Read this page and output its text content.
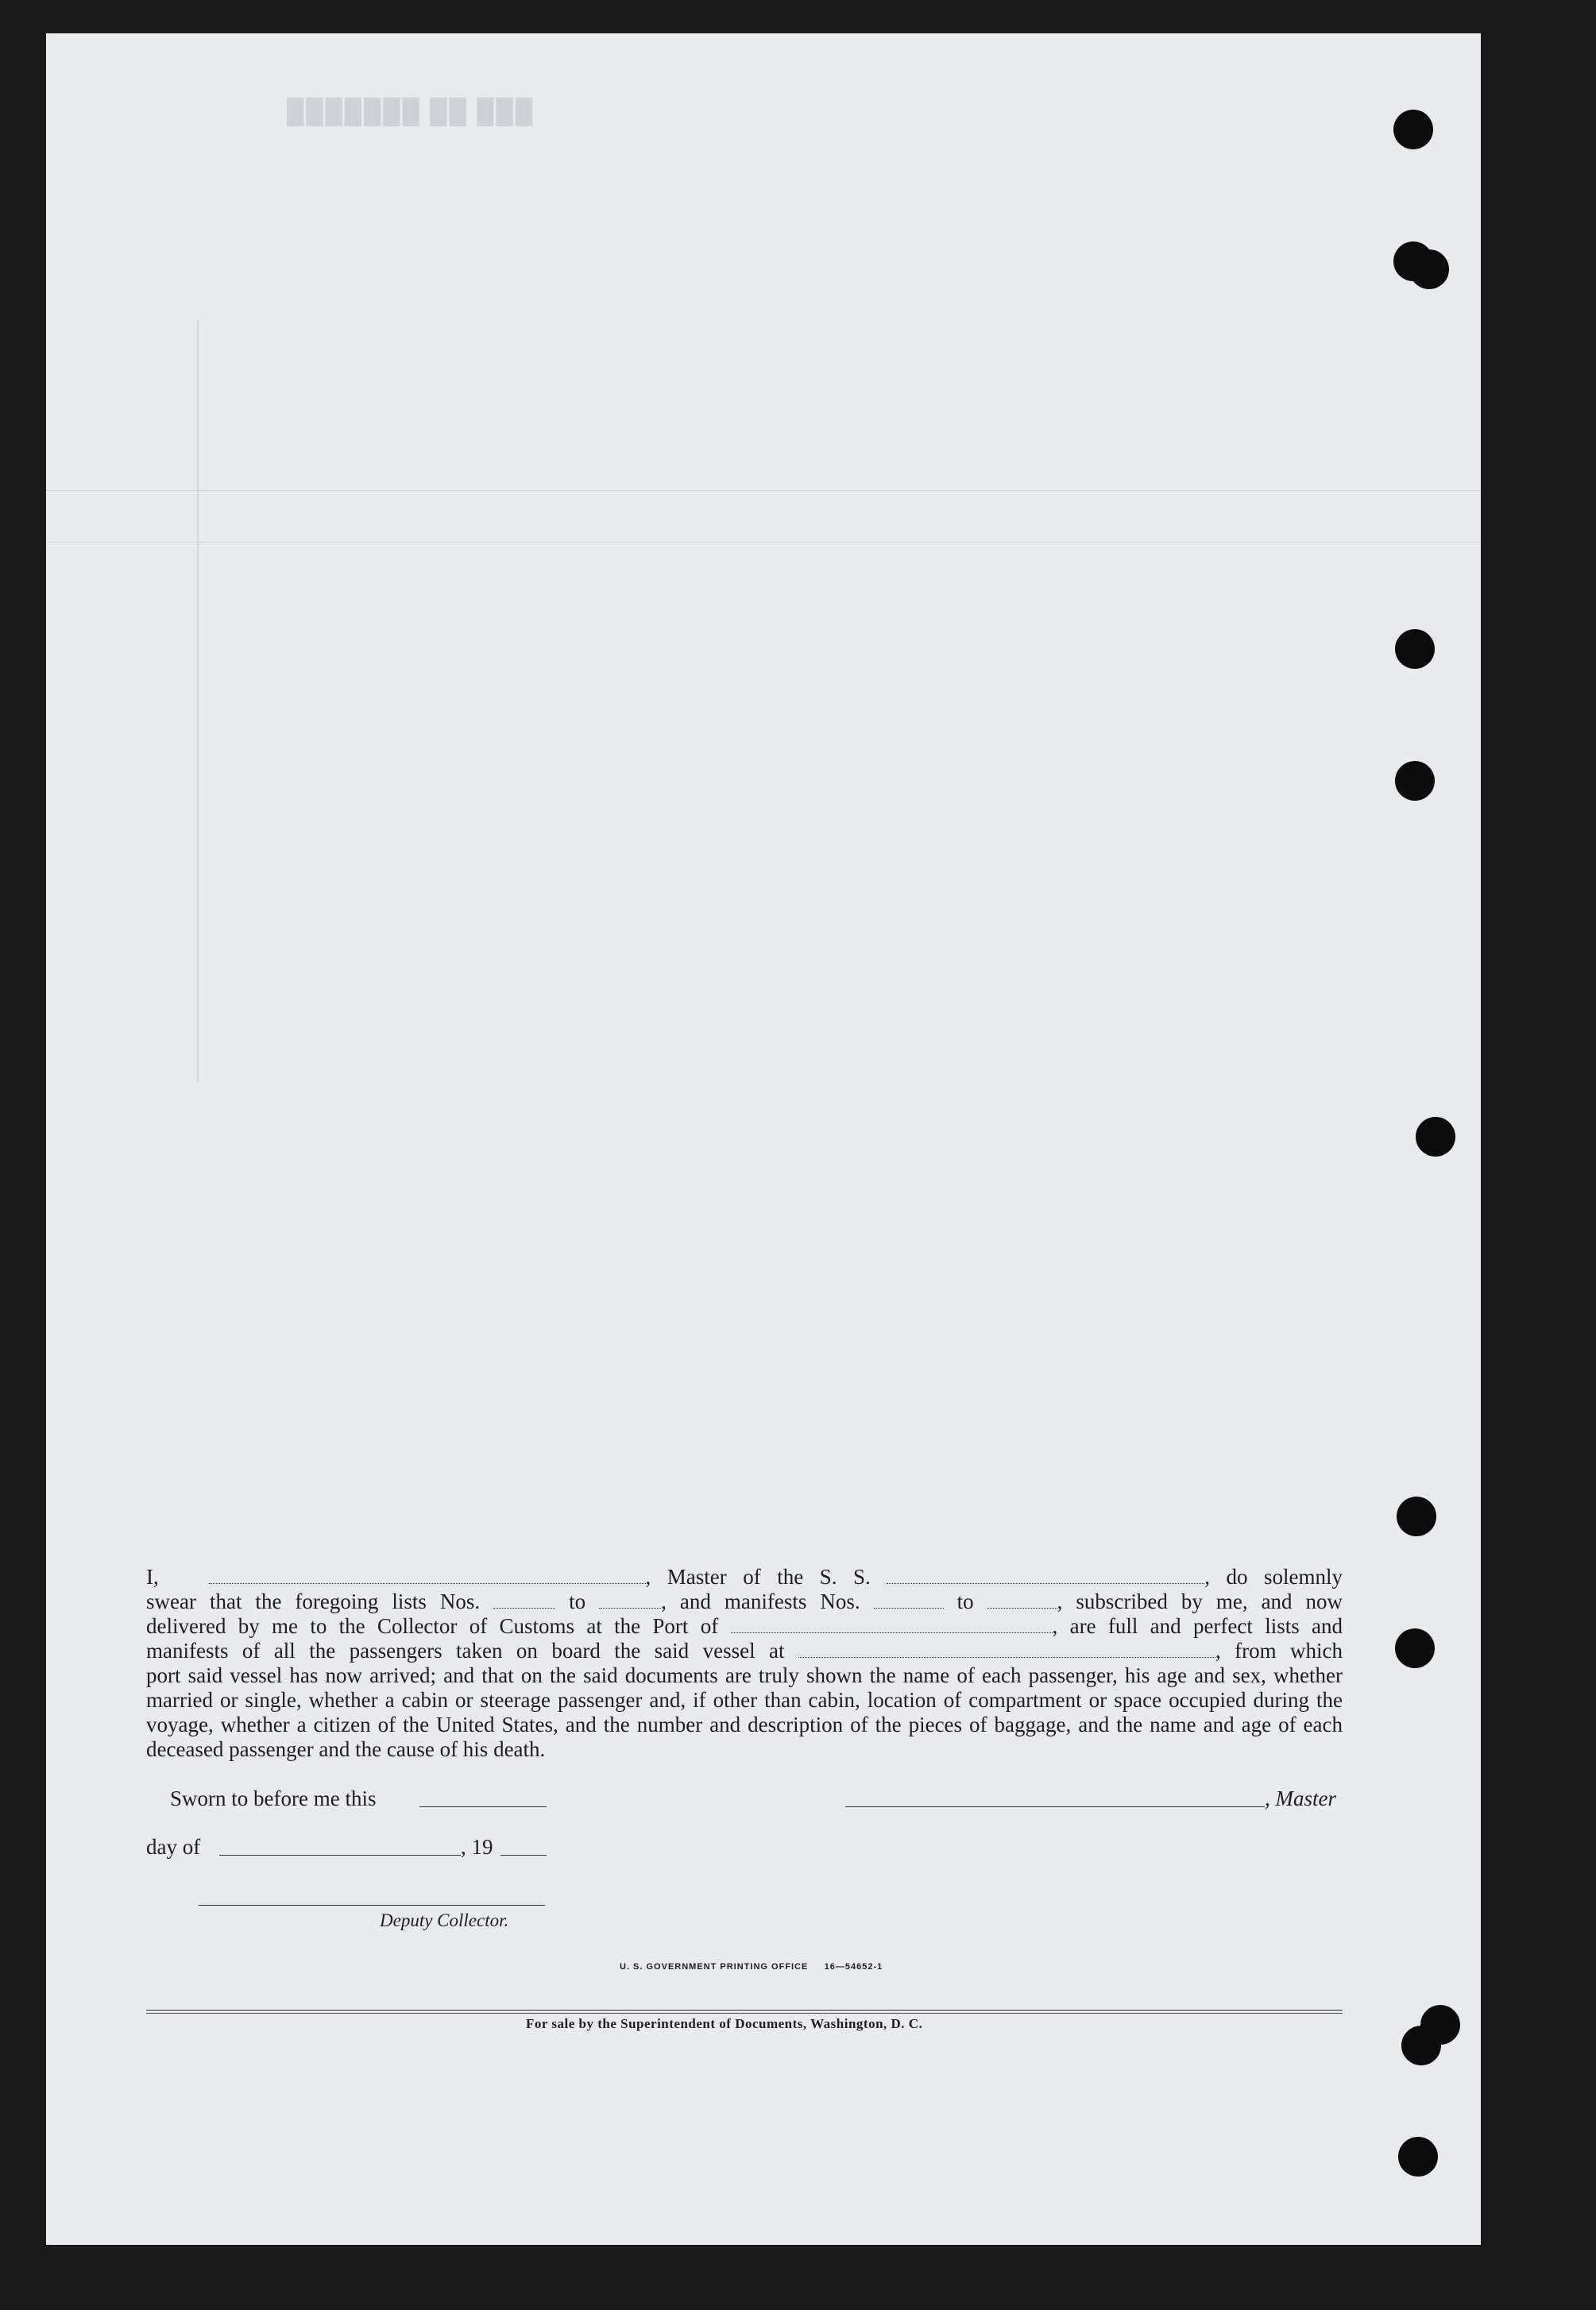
███ ██ ███████

I,	, Master of the S. S.	, do solemnly

swear that the foregoing lists Nos.	to	, and manifests Nos.	to	, subscribed by me, and now

delivered by me to the Collector of Customs at the Port of	, are full and perfect lists and

manifests of all the passengers taken on board the said vessel at	, from which

port said vessel has now arrived; and that on the said documents are truly shown the name of each passenger, his age and sex, whether married or single, whether a cabin or steerage passenger and, if other than cabin, location of compartment or space occupied during the voyage, whether a citizen of the United States, and the number and description of the pieces of baggage, and the name and age of each deceased passenger and the cause of his death.

Sworn to before me this	, Master
day of	, 19
Deputy Collector.
U. S. GOVERNMENT PRINTING OFFICE     16—54652-1
For sale by the Superintendent of Documents, Washington, D. C.
